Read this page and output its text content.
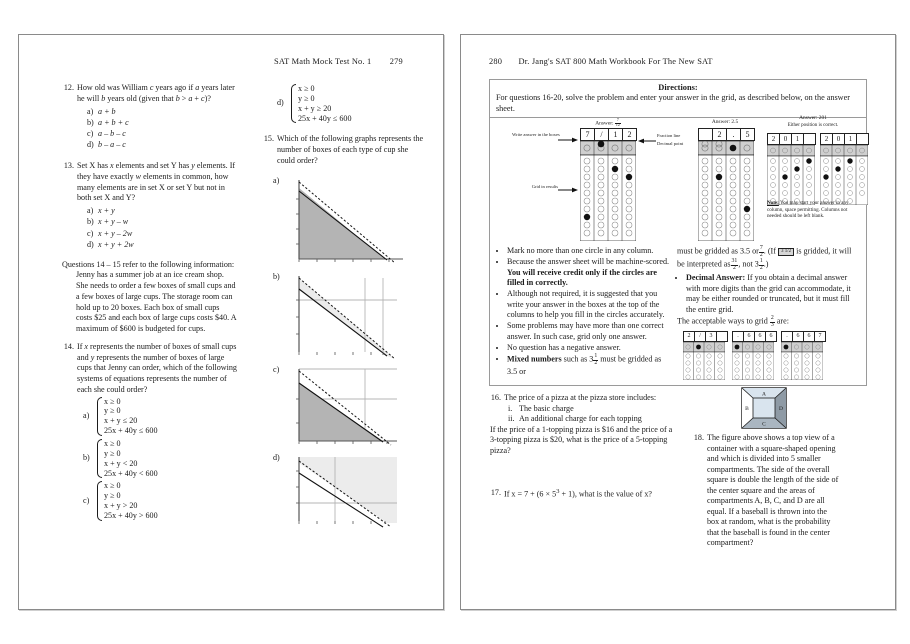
SAT Math Mock Test No. 1 279
12. How old was William c years ago if a years later he will b years old (given that b > a + c)?
a) a + b
b) a + b + c
c) a – b – c
d) b – a – c
13. Set X has x elements and set Y has y elements. If they have exactly w elements in common, how many elements are in set X or set Y but not in both set X and Y?
a) x + y
b) x + y – w
c) x + y – 2w
d) x + y + 2w
Questions 14 – 15 refer to the following information:
Jenny has a summer job at an ice cream shop. She needs to order a few boxes of small cups and a few boxes of large cups. The storage room can hold up to 20 boxes. Each box of small cups costs $25 and each box of large cups costs $40. A maximum of $600 is budgeted for cups.
14. If x represents the number of boxes of small cups and y represents the number of boxes of large cups that Jenny can order, which of the following systems of equations represents the number of each she could order?
a)
x ≥ 0
y ≥ 0
x + y ≤ 20
25x + 40y ≤ 600
b)
x ≥ 0
y ≥ 0
x + y < 20
25x + 40y < 600
c)
x ≥ 0
y ≥ 0
x + y > 20
25x + 40y > 600
d)
x ≥ 0
y ≥ 0
x + y ≥ 20
25x + 40y ≤ 600
15. Which of the following graphs represents the number of boxes of each type of cup she could order?
a)
b)
c)
d)
280 Dr. Jang's SAT 800 Math Workbook For The New SAT
Directions:
For questions 16-20, solve the problem and enter your answer in the grid, as described below, on the answer sheet.
Write answer in the boxes
Grid in results
Answer: $\frac{7}{12}$
7	/	1	2	Fraction line
Decimal point
Answer: 2.5
2	.	5
Answer: 201
Either position is correct.
2	0	1	2	0	1
Note: You may start your answer in any column, space permitting. Columns not needed should be left blank.
• Mark no more than one circle in any column.
• Because the answer sheet will be machine-scored. You will receive credit only if the circles are filled in correctly.
• Although not required, it is suggested that you write your answer in the boxes at the top of the columns to help you fill in the circles accurately.
• Some problems may have more than one correct answer. In such case, grid only one answer.
• No question has a negative answer.
• Mixed numbers such as $3 \frac{1}{2}$ must be gridded as 3.5 or
must be gridded as 3.5 or $\frac{7}{2}$ . (If 3 1/2 is gridded, it will be interpreted as $\frac{31}{2}$ , not $3 \frac{1}{2}$ .)
• Decimal Answer: If you obtain a decimal answer with more digits than the grid can accommodate, it may be either rounded or truncated, but it must fill the entire grid.
The acceptable ways to grid $\frac{2}{3}$ are:
2	/	3	.	6	6	6	.	6	6	7
16. The price of a pizza at the pizza store includes:
i. The basic charge
ii. An additional charge for each topping
If the price of a 1-topping pizza is $16 and the price of a 3-topping pizza is $20, what is the price of a 5-topping pizza?
17. If $x = 7 + (6 \times 5^3 + 1)$, what is the value of x?
A
B
C
D
18. The figure above shows a top view of a container with a square-shaped opening and which is divided into 5 smaller compartments. The side of the overall square is double the length of the side of the center square and the areas of compartments A, B, C, and D are all equal. If a baseball is thrown into the box at random, what is the probability that the baseball is found in the center compartment?
